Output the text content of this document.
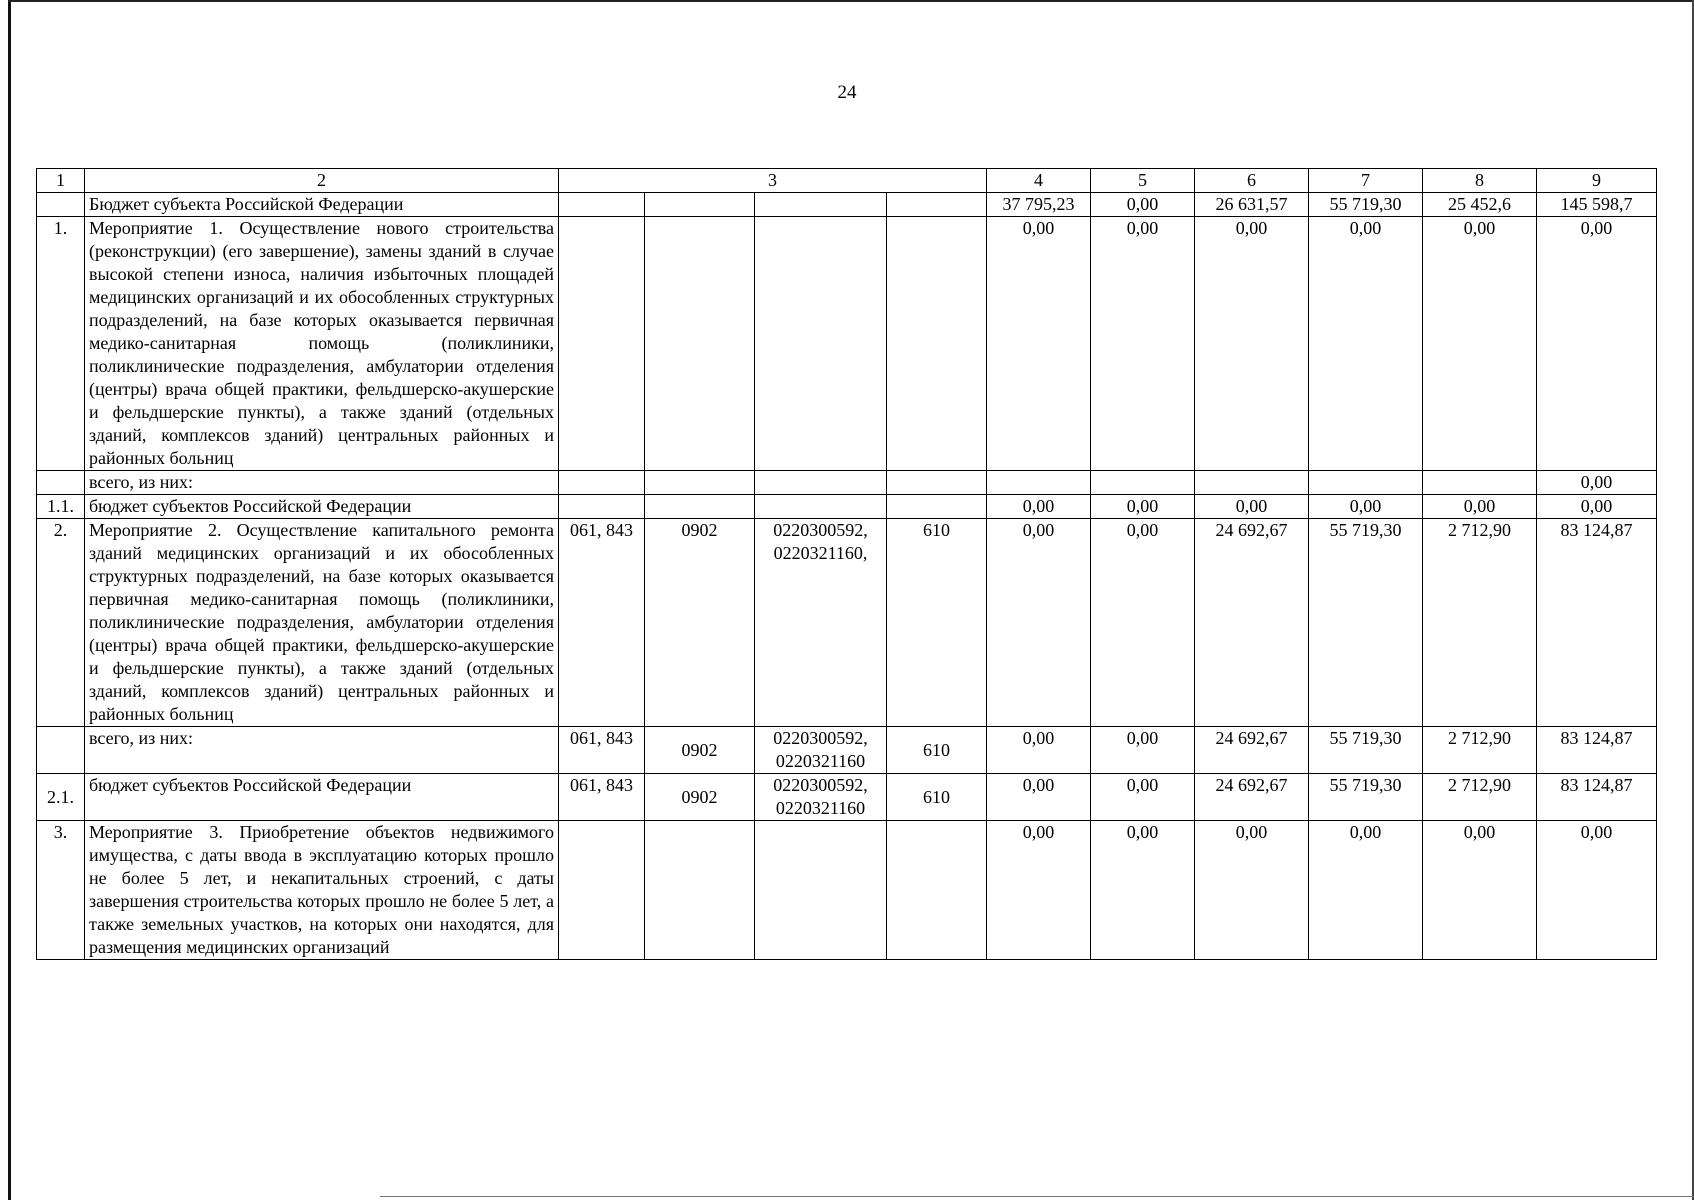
24
1	2	3				4	5	6	7	8	9
	Бюджет субъекта Российской Федерации					37 795,23	0,00	26 631,57	55 719,30	25 452,6	145 598,7
1.	Мероприятие 1. Осуществление нового строительства (реконструкции) (его завершение), замены зданий в случае высокой степени износа, наличия избыточных площадей медицинских организаций и их обособленных структурных подразделений, на базе которых оказывается первичная медико-санитарная помощь (поликлиники, поликлинические подразделения, амбулатории отделения (центры) врача общей практики, фельдшерско-акушерские и фельдшерские пункты), а также зданий (отдельных зданий, комплексов зданий) центральных районных и районных больниц					0,00	0,00	0,00	0,00	0,00	0,00
	всего, из них:										0,00
1.1.	бюджет субъектов Российской Федерации					0,00	0,00	0,00	0,00	0,00	0,00
2.	Мероприятие 2. Осуществление капитального ремонта зданий медицинских организаций и их обособленных структурных подразделений, на базе которых оказывается первичная медико-санитарная помощь (поликлиники, поликлинические подразделения, амбулатории отделения (центры) врача общей практики, фельдшерско-акушерские и фельдшерские пункты), а также зданий (отдельных зданий, комплексов зданий) центральных районных и районных больниц	061, 843	0902	0220300592, 0220321160,	610	0,00	0,00	24 692,67	55 719,30	2 712,90	83 124,87
	всего, из них:	061, 843	0902	0220300592, 0220321160	610	0,00	0,00	24 692,67	55 719,30	2 712,90	83 124,87
2.1.	бюджет субъектов Российской Федерации	061, 843	0902	0220300592, 0220321160	610	0,00	0,00	24 692,67	55 719,30	2 712,90	83 124,87
3.	Мероприятие 3. Приобретение объектов недвижимого имущества, с даты ввода в эксплуатацию которых прошло не более 5 лет, и некапитальных строений, с даты завершения строительства которых прошло не более 5 лет, а также земельных участков, на которых они находятся, для размещения медицинских организаций					0,00	0,00	0,00	0,00	0,00	0,00
